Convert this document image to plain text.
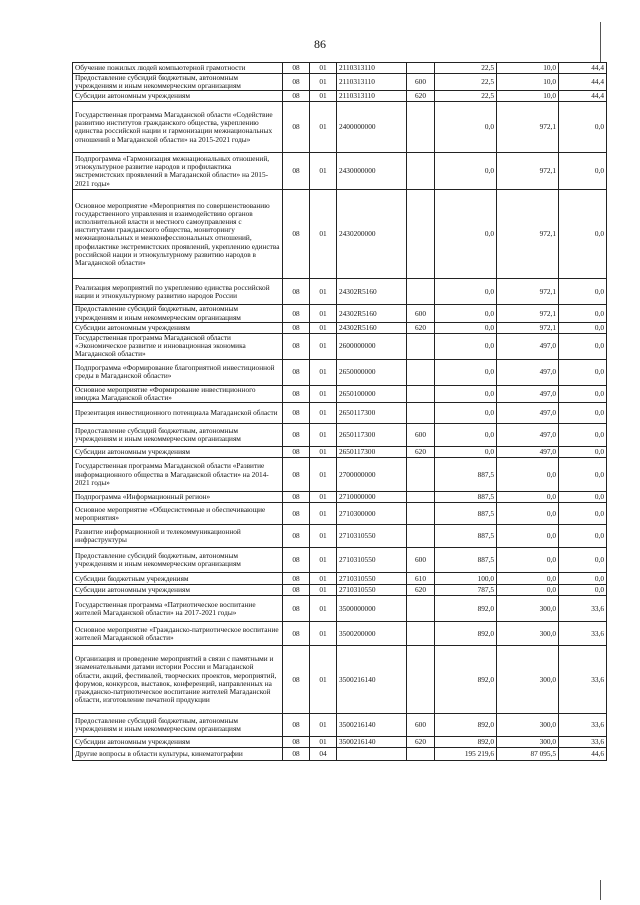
86
Обучение пожилых людей компьютерной грамотности	08	01	2110313110		22,5	10,0	44,4
Предоставление субсидий бюджетным, автономным учреждениям и иным некоммерческим организациям	08	01	2110313110	600	22,5	10,0	44,4
Субсидии автономным учреждениям	08	01	2110313110	620	22,5	10,0	44,4
Государственная программа Магаданской области «Содействие развитию институтов гражданского общества, укреплению единства российской нации и гармонизации межнациональных отношений в Магаданской области» на 2015-2021 годы»	08	01	2400000000		0,0	972,1	0,0
Подпрограмма «Гармонизация межнациональных отношений, этнокультурное развитие народов и профилактика экстремистских проявлений в Магаданской области» на 2015-2021 годы»	08	01	2430000000		0,0	972,1	0,0
Основное мероприятие «Мероприятия по совершенствованию государственного управления и взаимодействию органов исполнительной власти и местного самоуправления с институтами гражданского общества, мониторингу межнациональных и межконфессиональных отношений, профилактике экстремистских проявлений, укреплению единства российской нации и этнокультурному развитию народов в Магаданской области»	08	01	2430200000		0,0	972,1	0,0
Реализация мероприятий по укреплению единства российской нации и этнокультурному развитию народов России	08	01	24302R5160		0,0	972,1	0,0
Предоставление субсидий бюджетным, автономным учреждениям и иным некоммерческим организациям	08	01	24302R5160	600	0,0	972,1	0,0
Субсидии автономным учреждениям	08	01	24302R5160	620	0,0	972,1	0,0
Государственная программа Магаданской области «Экономическое развитие и инновационная экономика Магаданской области»	08	01	2600000000		0,0	497,0	0,0
Подпрограмма «Формирование благоприятной инвестиционной среды в Магаданской области»	08	01	2650000000		0,0	497,0	0,0
Основное мероприятие «Формирование инвестиционного имиджа Магаданской области»	08	01	2650100000		0,0	497,0	0,0
Презентация инвестиционного потенциала Магаданской области	08	01	2650117300		0,0	497,0	0,0
Предоставление субсидий бюджетным, автономным учреждениям и иным некоммерческим организациям	08	01	2650117300	600	0,0	497,0	0,0
Субсидии автономным учреждениям	08	01	2650117300	620	0,0	497,0	0,0
Государственная программа Магаданской области «Развитие информационного общества в Магаданской области» на 2014-2021 годы»	08	01	2700000000		887,5	0,0	0,0
Подпрограмма «Информационный регион»	08	01	2710000000		887,5	0,0	0,0
Основное мероприятие «Общесистемные и обеспечивающие мероприятия»	08	01	2710300000		887,5	0,0	0,0
Развитие информационной и телекоммуникационной инфраструктуры	08	01	2710310550		887,5	0,0	0,0
Предоставление субсидий бюджетным, автономным учреждениям и иным некоммерческим организациям	08	01	2710310550	600	887,5	0,0	0,0
Субсидии бюджетным учреждениям	08	01	2710310550	610	100,0	0,0	0,0
Субсидии автономным учреждениям	08	01	2710310550	620	787,5	0,0	0,0
Государственная программа «Патриотическое воспитание жителей Магаданской области» на 2017-2021 годы»	08	01	3500000000		892,0	300,0	33,6
Основное мероприятие «Гражданско-патриотическое воспитание жителей Магаданской области»	08	01	3500200000		892,0	300,0	33,6
Организация и проведение мероприятий в связи с памятными и знаменательными датами истории России и Магаданской области, акций, фестивалей, творческих проектов, мероприятий, форумов, конкурсов, выставок, конференций, направленных на гражданско-патриотическое воспитание жителей Магаданской области, изготовление печатной продукции	08	01	3500216140		892,0	300,0	33,6
Предоставление субсидий бюджетным, автономным учреждениям и иным некоммерческим организациям	08	01	3500216140	600	892,0	300,0	33,6
Субсидии автономным учреждениям	08	01	3500216140	620	892,0	300,0	33,6
Другие вопросы в области культуры, кинематографии	08	04			195 219,6	87 095,5	44,6
